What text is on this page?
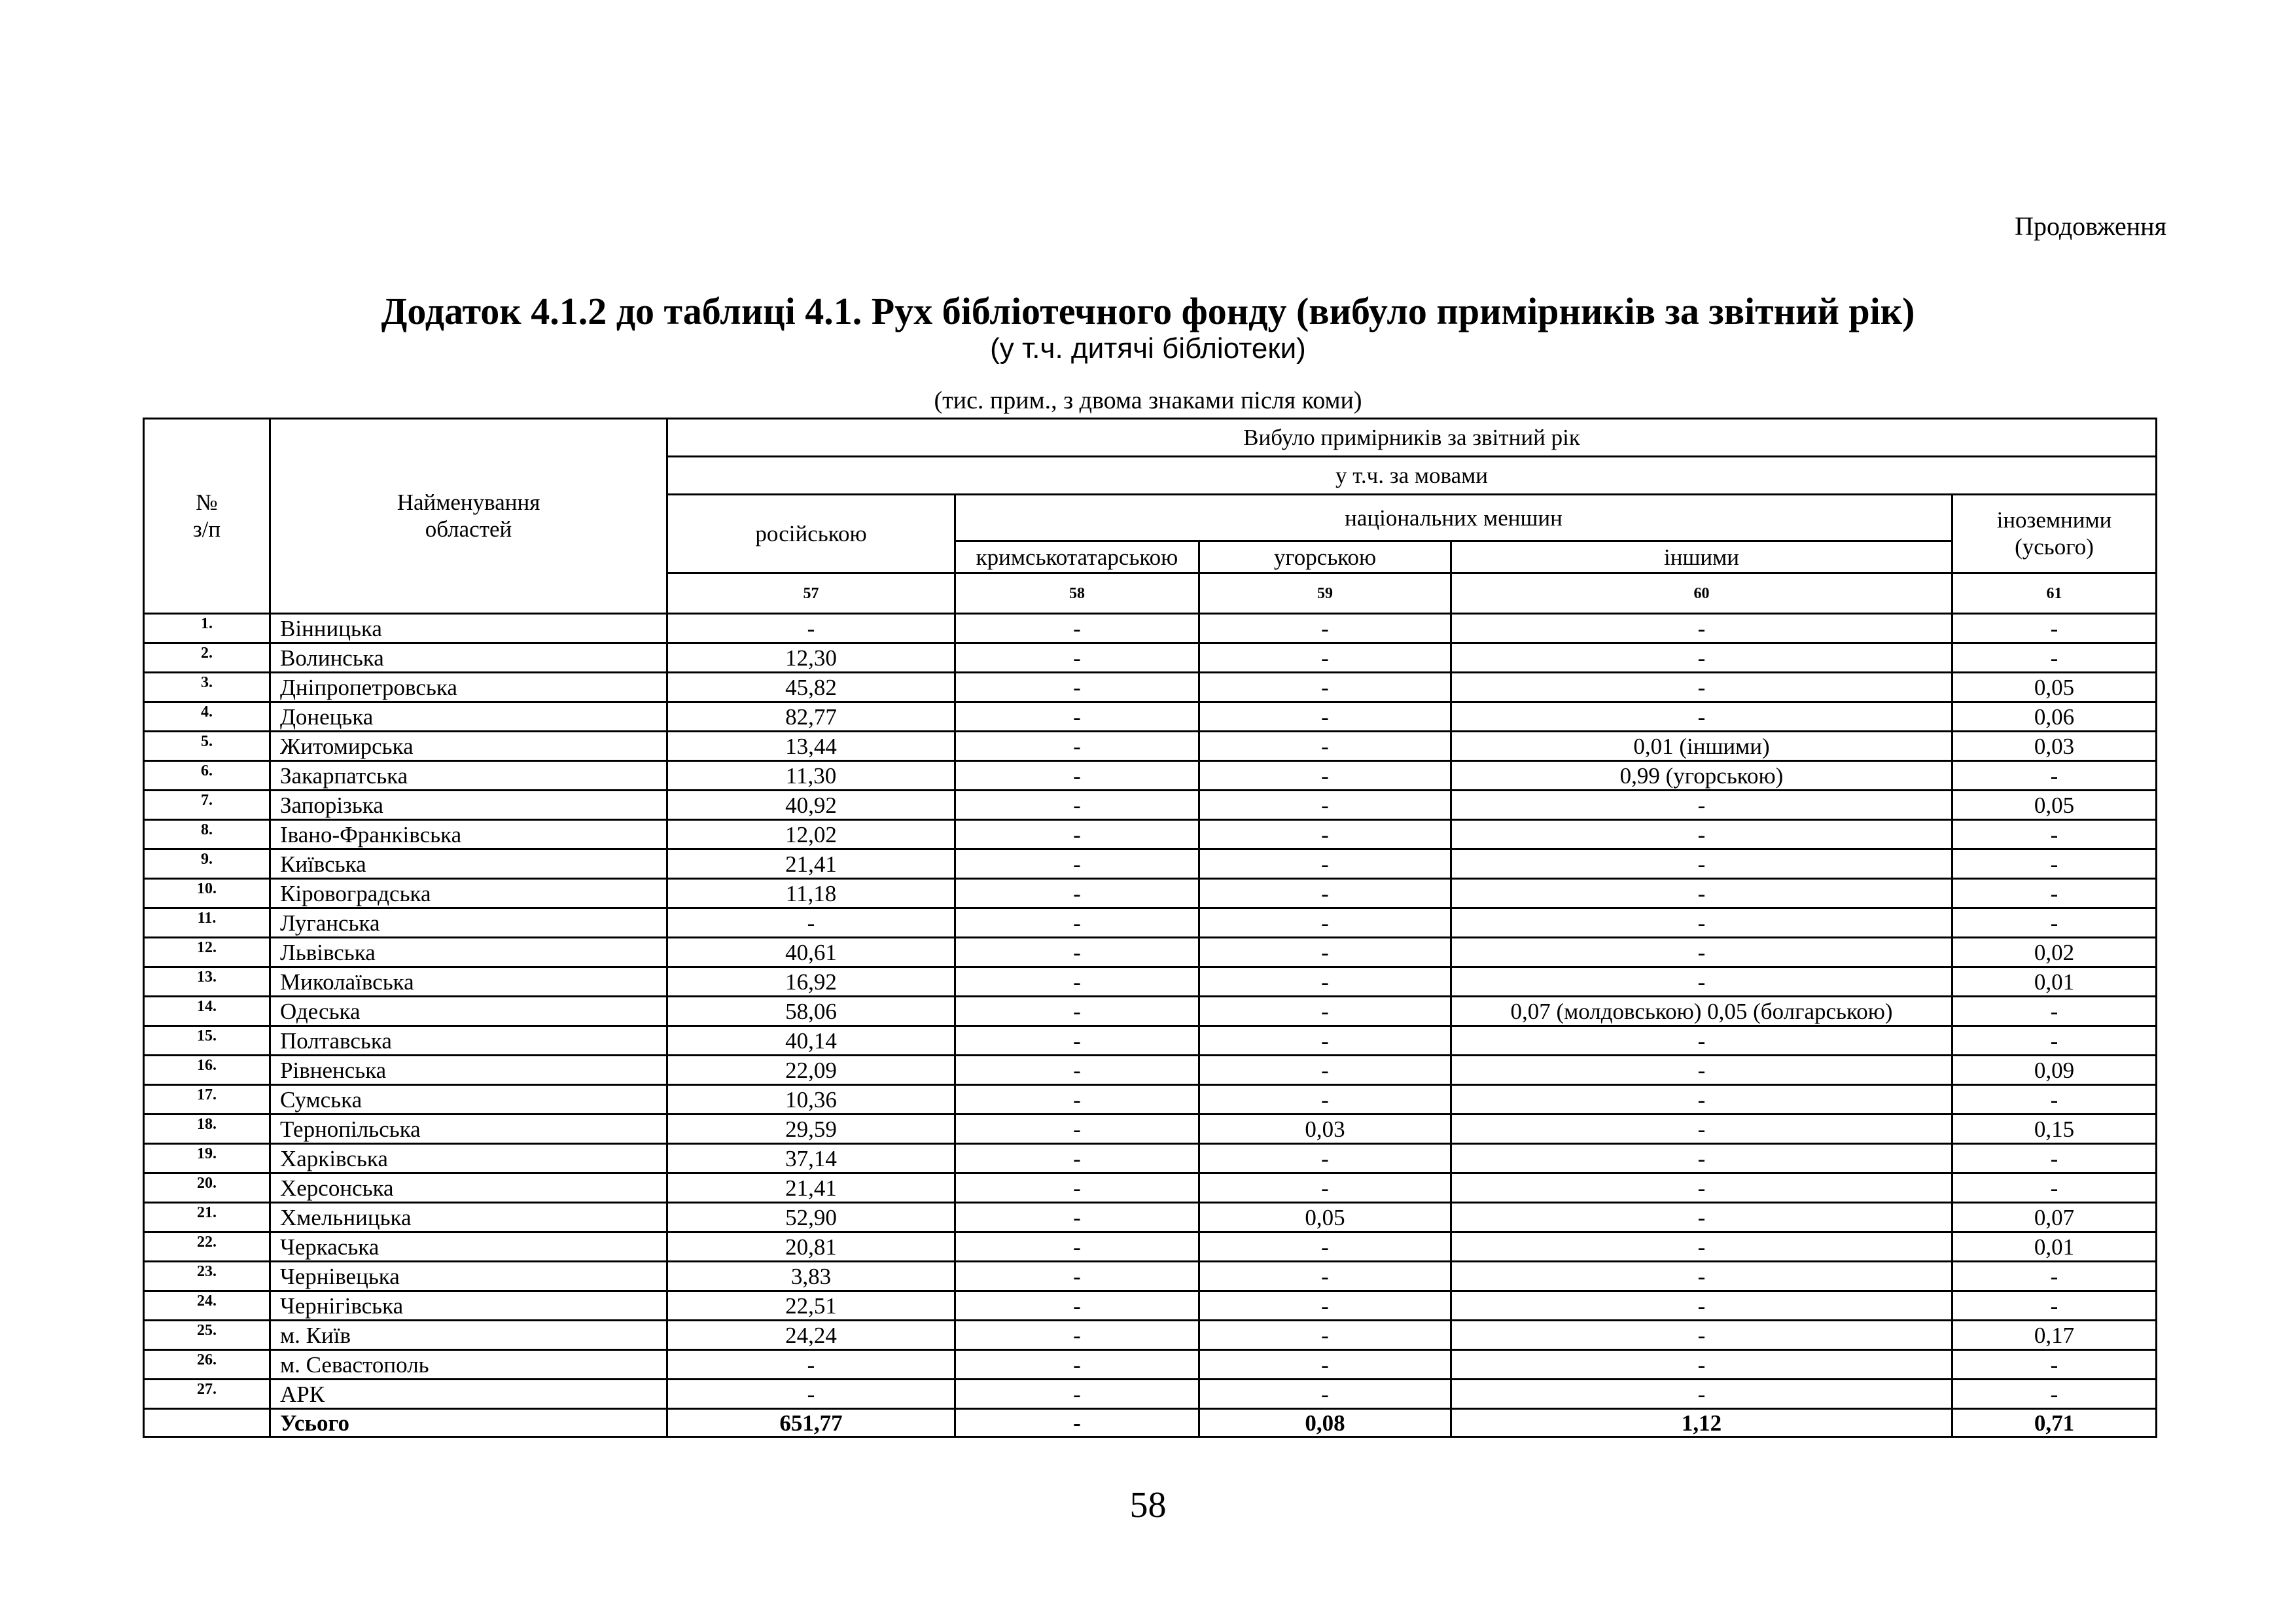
Продовження
Додаток 4.1.2 до таблиці 4.1. Рух бібліотечного фонду (вибуло примірників за звітний рік)
(у т.ч. дитячі бібліотеки)
(тис. прим., з двома знаками після коми)
№
з/п	Найменування
областей	Вибуло примірників за звітний рік				
		у т.ч. за мовами				
		російською	національних меншин			іноземними
(усього)
			кримськотатарською	угорською	іншими	
		57	58	59	60	61
1.	Вінницька	-	-	-	-	-
2.	Волинська	12,30	-	-	-	-
3.	Дніпропетровська	45,82	-	-	-	0,05
4.	Донецька	82,77	-	-	-	0,06
5.	Житомирська	13,44	-	-	0,01 (іншими)	0,03
6.	Закарпатська	11,30	-	-	0,99 (угорською)	-
7.	Запорізька	40,92	-	-	-	0,05
8.	Івано-Франківська	12,02	-	-	-	-
9.	Київська	21,41	-	-	-	-
10.	Кіровоградська	11,18	-	-	-	-
11.	Луганська	-	-	-	-	-
12.	Львівська	40,61	-	-	-	0,02
13.	Миколаївська	16,92	-	-	-	0,01
14.	Одеська	58,06	-	-	0,07 (молдовською) 0,05 (болгарською)	-
15.	Полтавська	40,14	-	-	-	-
16.	Рівненська	22,09	-	-	-	0,09
17.	Сумська	10,36	-	-	-	-
18.	Тернопільська	29,59	-	0,03	-	0,15
19.	Харківська	37,14	-	-	-	-
20.	Херсонська	21,41	-	-	-	-
21.	Хмельницька	52,90	-	0,05	-	0,07
22.	Черкаська	20,81	-	-	-	0,01
23.	Чернівецька	3,83	-	-	-	-
24.	Чернігівська	22,51	-	-	-	-
25.	м. Київ	24,24	-	-	-	0,17
26.	м. Севастополь	-	-	-	-	-
27.	АРК	-	-	-	-	-
	Усього	651,77	-	0,08	1,12	0,71
58
